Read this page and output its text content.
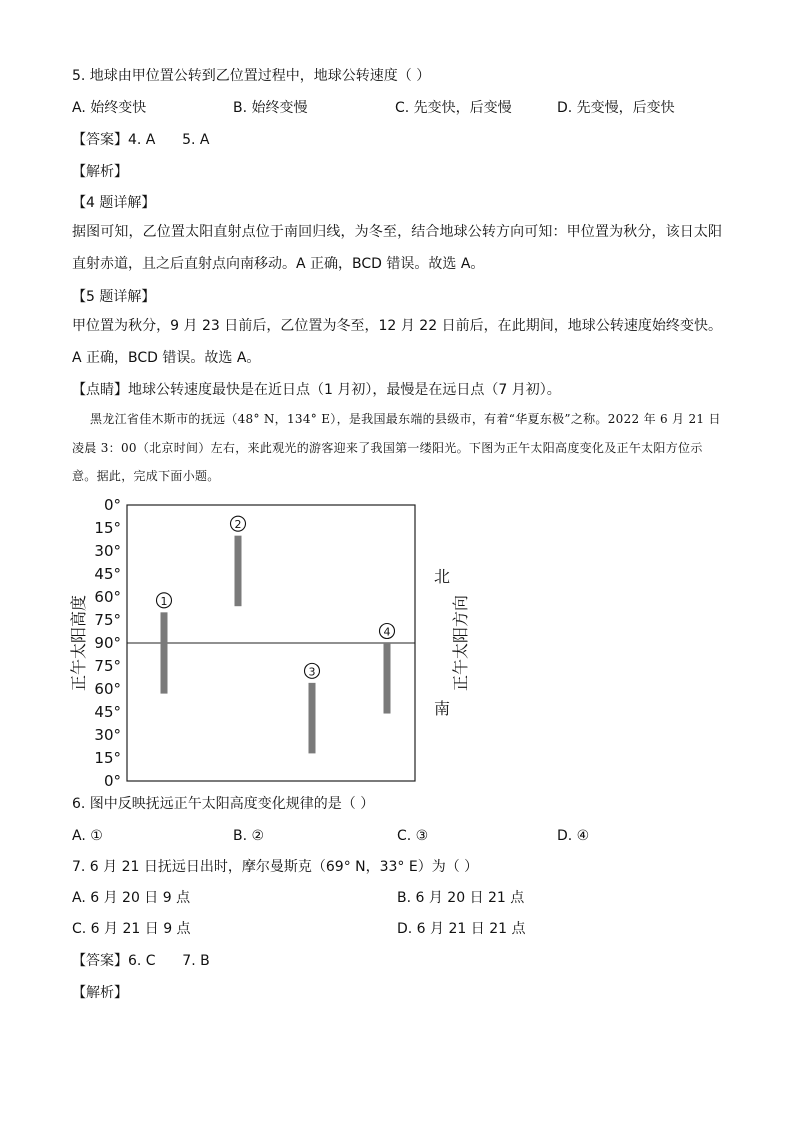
5. 地球由甲位置公转到乙位置过程中，地球公转速度（ ）
A. 始终变快	B. 始终变慢	C. 先变快，后变慢	D. 先变慢，后变快
【答案】4. A      5. A
【解析】
【4 题详解】
据图可知，乙位置太阳直射点位于南回归线，为冬至，结合地球公转方向可知：甲位置为秋分，该日太阳直射赤道，且之后直射点向南移动。A 正确，BCD 错误。故选 A。
【5 题详解】
甲位置为秋分，9 月 23 日前后，乙位置为冬至，12 月 22 日前后，在此期间，地球公转速度始终变快。A 正确，BCD 错误。故选 A。
【点睛】地球公转速度最快是在近日点（1 月初），最慢是在远日点（7 月初）。
黑龙江省佳木斯市的抚远（48° N，134° E），是我国最东端的县级市，有着“华夏东极”之称。2022 年 6 月 21 日凌晨 3：00（北京时间）左右，来此观光的游客迎来了我国第一缕阳光。下图为正午太阳高度变化及正午太阳方位示意。据此，完成下面小题。
0°
15°
30°
45°
60°
75°
90°
75°
60°
45°
30°
15°
0°
1
2
3
4
正午太阳高度
北
南
正午太阳方向
6. 图中反映抚远正午太阳高度变化规律的是（ ）
A. ①	B. ②	C. ③	D. ④
7. 6 月 21 日抚远日出时，摩尔曼斯克（69° N，33° E）为（ ）
A. 6 月 20 日 9 点	B. 6 月 20 日 21 点
C. 6 月 21 日 9 点	D. 6 月 21 日 21 点
【答案】6. C      7. B
【解析】
